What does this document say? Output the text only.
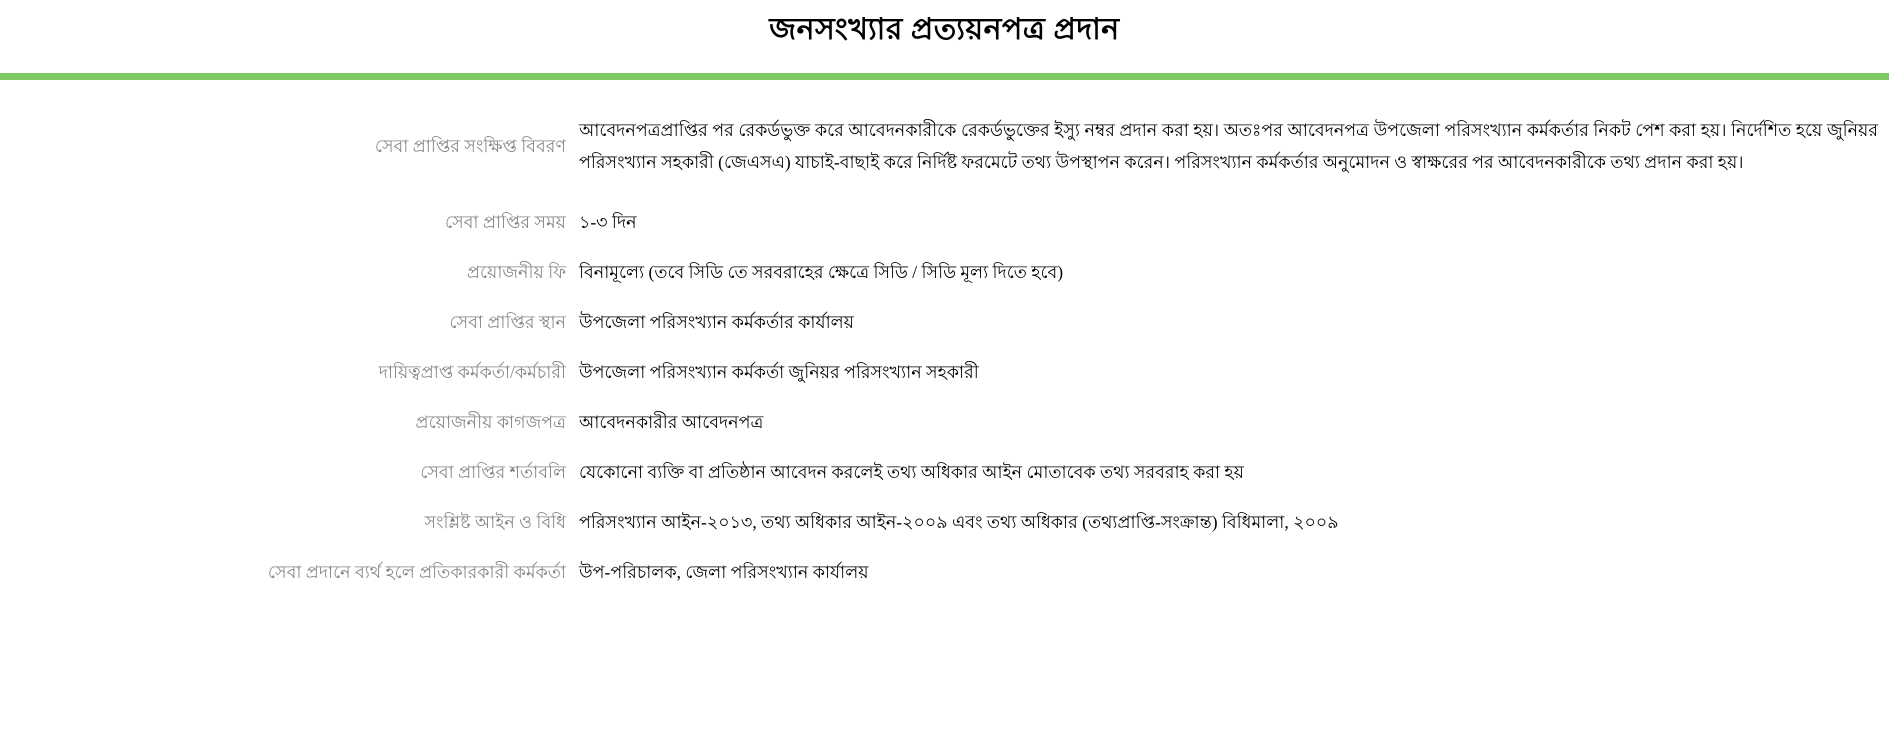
জনসংখ্যার প্রত্যয়নপত্র প্রদান
সেবা প্রাপ্তির সংক্ষিপ্ত বিবরণ
আবেদনপত্রপ্রাপ্তির পর রেকর্ডভুক্ত করে আবেদনকারীকে রেকর্ডভুক্তের ইস্যু নম্বর প্রদান করা হয়। অতঃপর আবেদনপত্র উপজেলা পরিসংখ্যান কর্মকর্তার নিকট পেশ করা হয়। নির্দেশিত হয়ে জুনিয়র পরিসংখ্যান সহকারী (জেএসএ) যাচাই-বাছাই করে নির্দিষ্ট ফরমেটে তথ্য উপস্থাপন করেন। পরিসংখ্যান কর্মকর্তার অনুমোদন ও স্বাক্ষরের পর আবেদনকারীকে তথ্য প্রদান করা হয়।
সেবা প্রাপ্তির সময় ১-৩ দিন
প্রয়োজনীয় ফি বিনামূল্যে (তবে সিডি তে সরবরাহের ক্ষেত্রে সিডি / সিডি মূল্য দিতে হবে)
সেবা প্রাপ্তির স্থান উপজেলা পরিসংখ্যান কর্মকর্তার কার্যালয়
দায়িত্বপ্রাপ্ত কর্মকর্তা/কর্মচারী উপজেলা পরিসংখ্যান কর্মকর্তা জুনিয়র পরিসংখ্যান সহকারী
প্রয়োজনীয় কাগজপত্র আবেদনকারীর আবেদনপত্র
সেবা প্রাপ্তির শর্তাবলি যেকোনো ব্যক্তি বা প্রতিষ্ঠান আবেদন করলেই তথ্য অধিকার আইন মোতাবেক তথ্য সরবরাহ করা হয়
সংশ্লিষ্ট আইন ও বিধি পরিসংখ্যান আইন-২০১৩, তথ্য অধিকার আইন-২০০৯ এবং তথ্য অধিকার (তথ্যপ্রাপ্তি-সংক্রান্ত) বিধিমালা, ২০০৯
সেবা প্রদানে ব্যর্থ হলে প্রতিকারকারী কর্মকর্তা উপ-পরিচালক, জেলা পরিসংখ্যান কার্যালয়
